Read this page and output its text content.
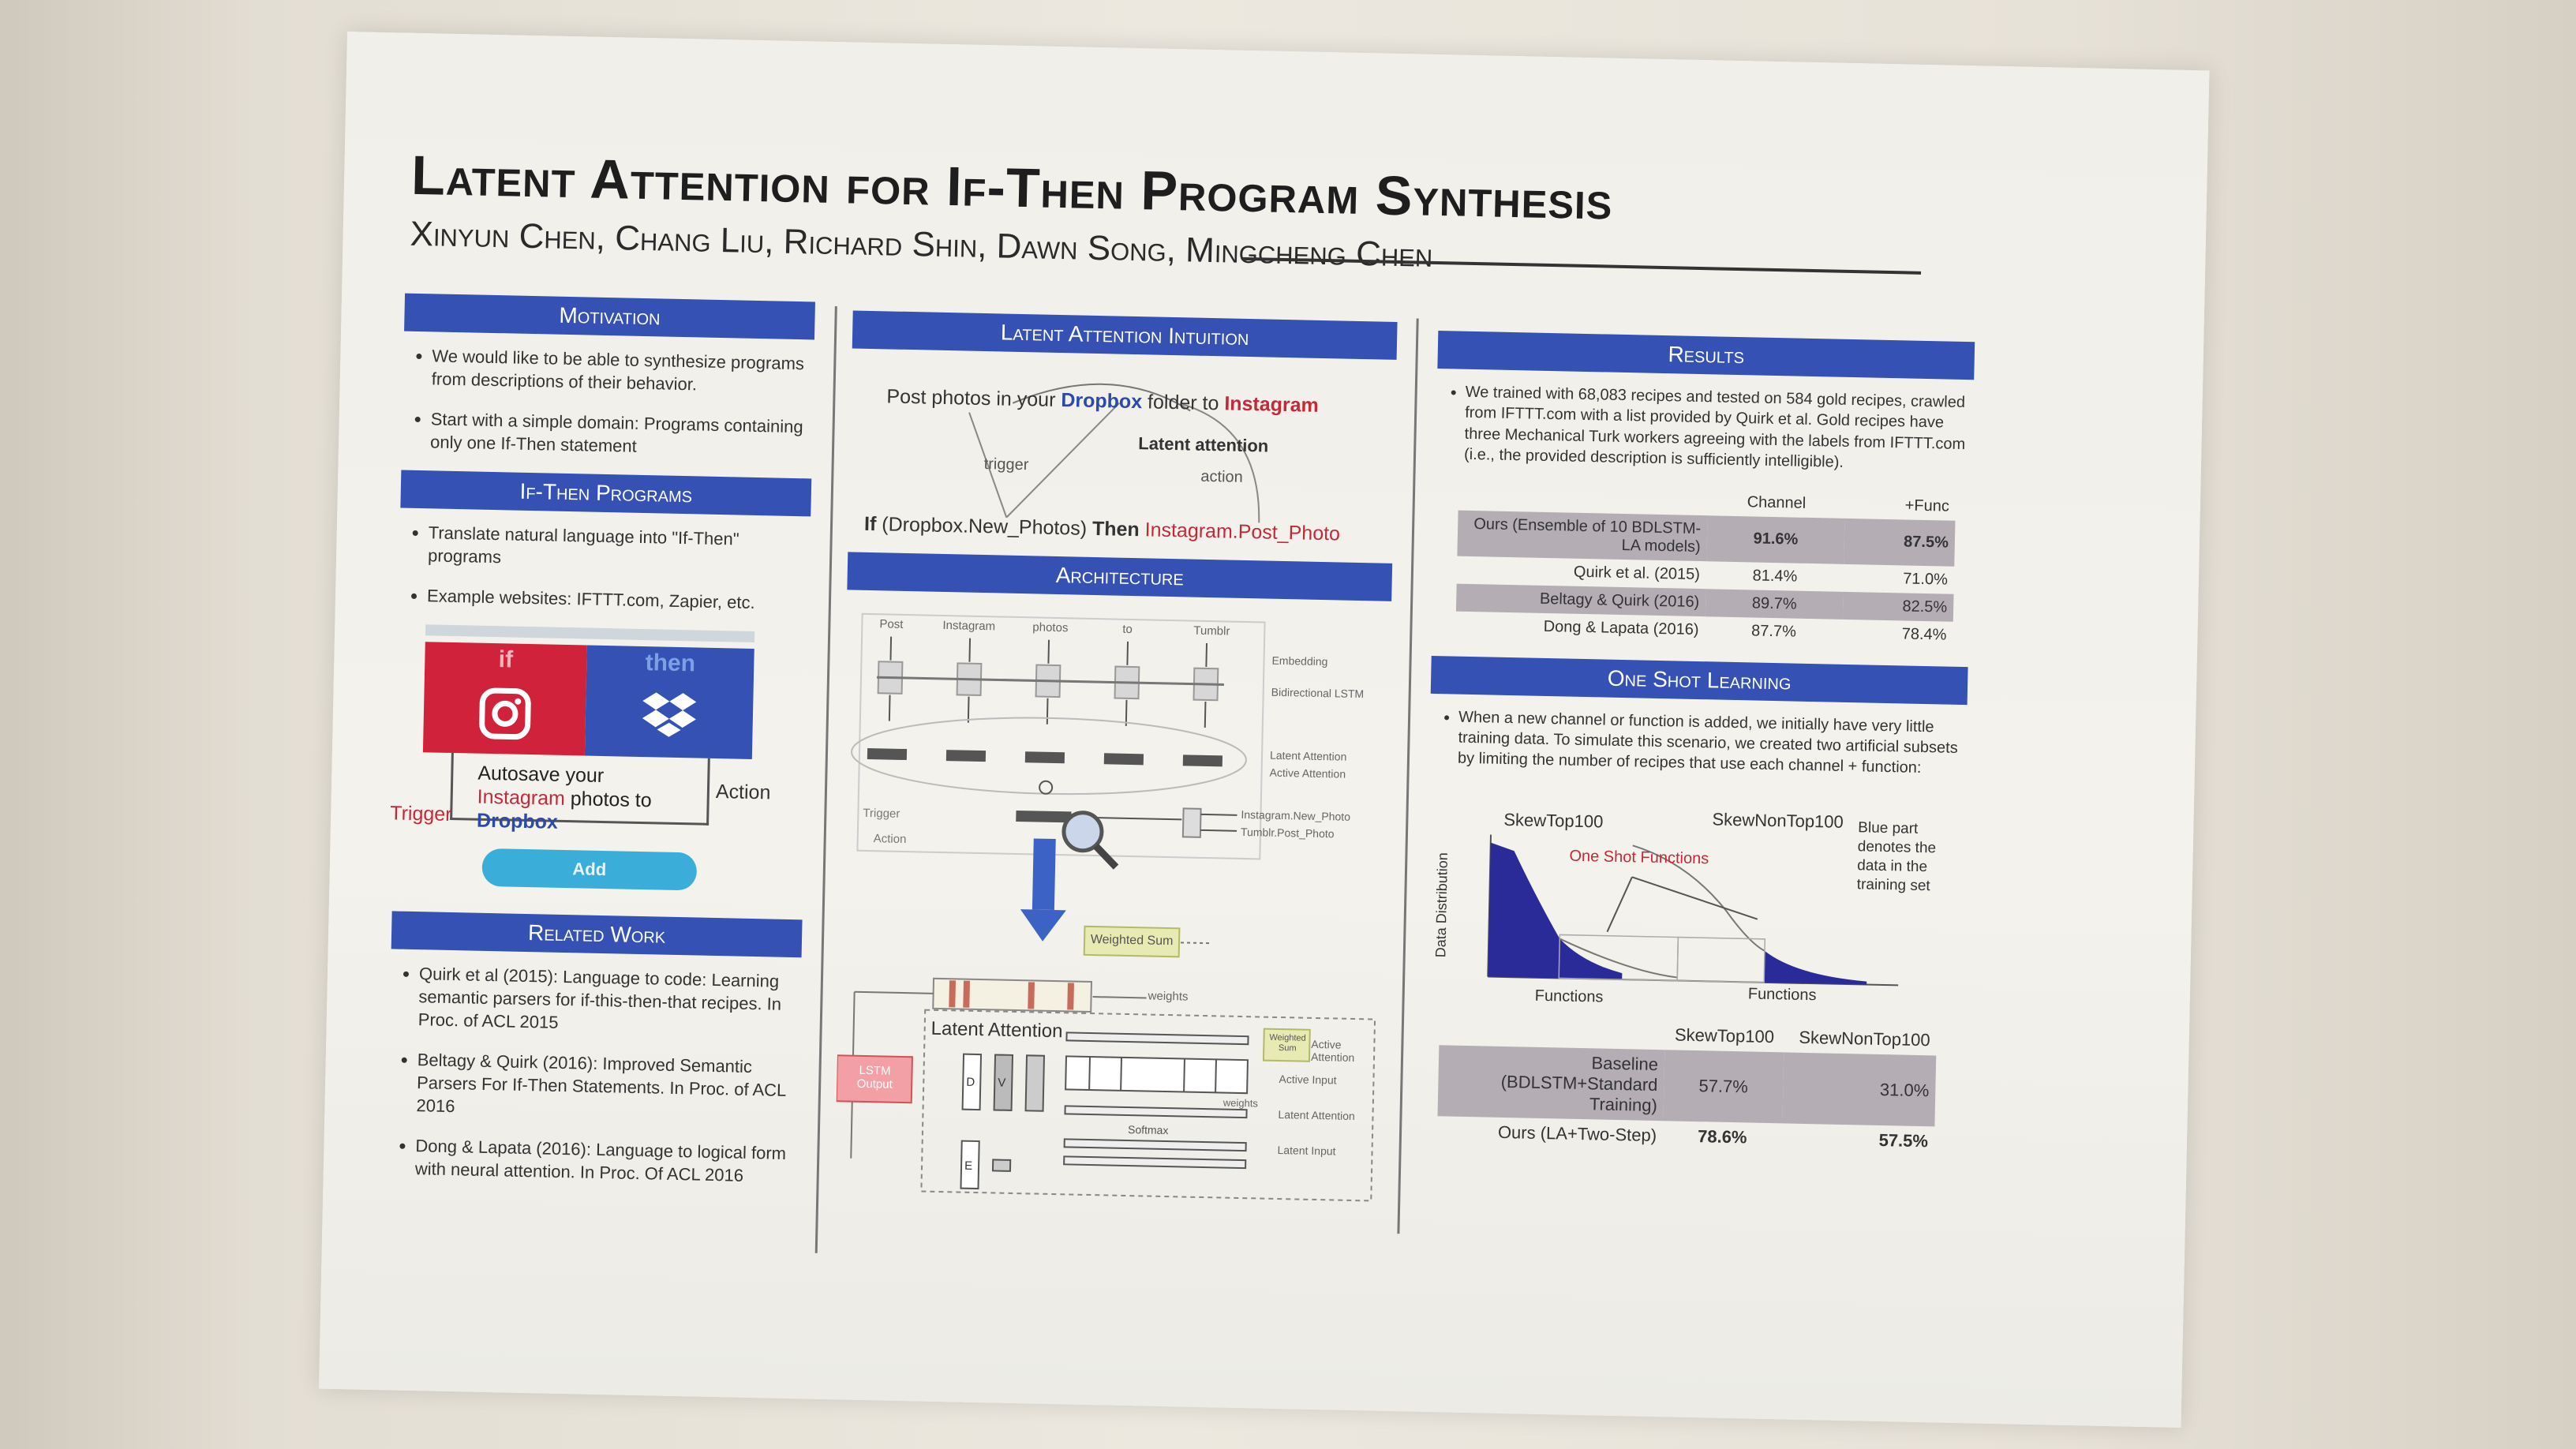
Latent Attention for If-Then Program Synthesis
Xinyun Chen, Chang Liu, Richard Shin, Dawn Song, Mingcheng Chen
Motivation
• We would like to be able to synthesize programs from descriptions of their behavior.
• Start with a simple domain: Programs containing only one If-Then statement
If-Then Programs
• Translate natural language into "If-Then" programs
• Example websites: IFTTT.com, Zapier, etc.
if	then
Autosave your
Instagram photos to
Dropbox
Trigger
Action
Add
Related Work
• Quirk et al (2015): Language to code: Learning semantic parsers for if-this-then-that recipes. In Proc. of ACL 2015
• Beltagy & Quirk (2016): Improved Semantic Parsers For If-Then Statements. In Proc. of ACL 2016
• Dong & Lapata (2016): Language to logical form with neural attention. In Proc. Of ACL 2016
Latent Attention Intuition
Post photos in your Dropbox folder to Instagram
Latent attention
trigger
action
If (Dropbox.New_Photos) Then Instagram.Post_Photo
Architecture
Post	Instagram	photos	to	Tumblr
Embedding
Bidirectional LSTM
Latent Attention
Active Attention
Instagram.New_Photo
Tumblr.Post_Photo
Trigger
Action
Weighted Sum
weights
Latent Attention
LSTM Output	D V
E
Softmax
weights
Weighted Sum	Active Attention
Active Input
Latent Attention
Latent Input
Results
• We trained with 68,083 recipes and tested on 584 gold recipes, crawled from IFTTT.com with a list provided by Quirk et al. Gold recipes have three Mechanical Turk workers agreeing with the labels from IFTTT.com (i.e., the provided description is sufficiently intelligible).
	Channel	+Func
Ours (Ensemble of 10 BDLSTM-LA models)	91.6%	87.5%
Quirk et al. (2015)	81.4%	71.0%
Beltagy & Quirk (2016)	89.7%	82.5%
Dong & Lapata (2016)	87.7%	78.4%
One Shot Learning
• When a new channel or function is added, we initially have very little training data. To simulate this scenario, we created two artificial subsets by limiting the number of recipes that use each channel + function:
SkewTop100	SkewNonTop100
One Shot Functions
Blue part denotes the data in the training set
Data Distribution
Functions	Functions
	SkewTop100	SkewNonTop100
Baseline (BDLSTM+Standard Training)	57.7%	31.0%
Ours (LA+Two-Step)	78.6%	57.5%
